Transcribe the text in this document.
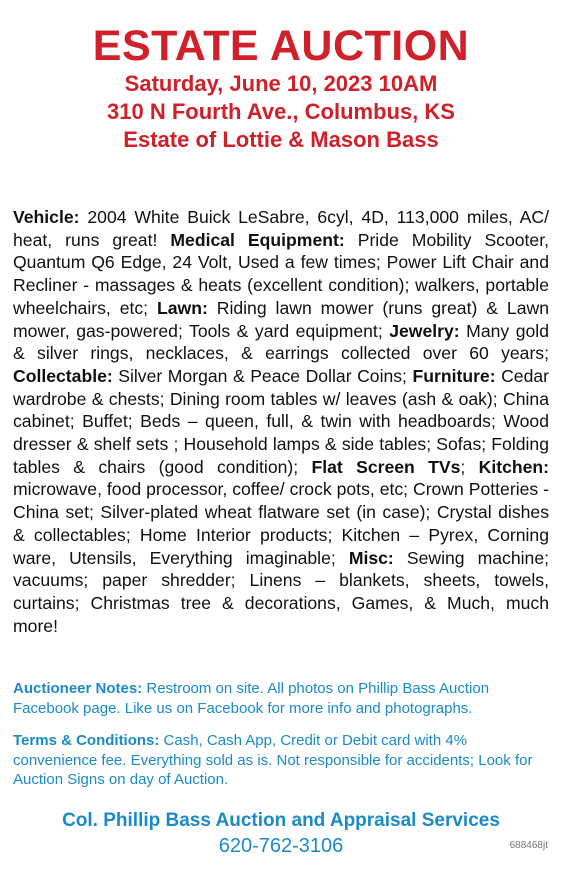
ESTATE AUCTION
Saturday, June 10, 2023 10AM
310 N Fourth Ave., Columbus, KS
Estate of Lottie & Mason Bass
Vehicle: 2004 White Buick LeSabre, 6cyl, 4D, 113,000 miles, AC/ heat, runs great! Medical Equipment: Pride Mobility Scooter, Quantum Q6 Edge, 24 Volt, Used a few times; Power Lift Chair and Recliner - massages & heats (excellent condition); walkers, portable wheelchairs, etc; Lawn: Riding lawn mower (runs great) & Lawn mower, gas-powered; Tools & yard equipment; Jewelry: Many gold & silver rings, necklaces, & earrings collected over 60 years; Collectable: Silver Morgan & Peace Dollar Coins; Furniture: Cedar wardrobe & chests; Dining room tables w/ leaves (ash & oak); China cabinet; Buffet; Beds – queen, full, & twin with headboards; Wood dresser & shelf sets ; Household lamps & side tables; Sofas; Folding tables & chairs (good condition); Flat Screen TVs; Kitchen: microwave, food processor, coffee/ crock pots, etc; Crown Potteries - China set; Silver-plated wheat flatware set (in case); Crystal dishes & collectables; Home Interior products; Kitchen – Pyrex, Corning ware, Utensils, Everything imaginable; Misc: Sewing machine; vacuums; paper shredder; Linens – blankets, sheets, towels, curtains; Christmas tree & decorations, Games, & Much, much more!
Auctioneer Notes: Restroom on site. All photos on Phillip Bass Auction Facebook page. Like us on Facebook for more info and photographs.
Terms & Conditions: Cash, Cash App, Credit or Debit card with 4% convenience fee. Everything sold as is. Not responsible for accidents; Look for Auction Signs on day of Auction.
Col. Phillip Bass Auction and Appraisal Services
620-762-3106	688468jt
